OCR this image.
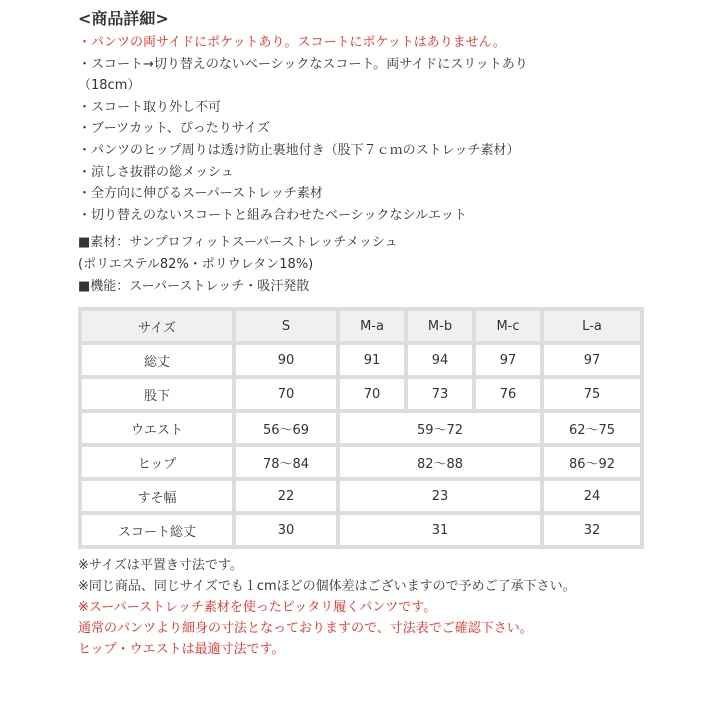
<商品詳細>
・パンツの両サイドにポケットあり。スコートにポケットはありません。
・スコート→切り替えのないベーシックなスコート。両サイドにスリットあり
（18cm）
・スコート取り外し不可
・ブーツカット、ぴったりサイズ
・パンツのヒップ周りは透け防止裏地付き（股下７ｃｍのストレッチ素材）
・涼しさ抜群の総メッシュ
・全方向に伸びるスーパーストレッチ素材
・切り替えのないスコートと組み合わせたベーシックなシルエット
■素材：サンプロフィットスーパーストレッチメッシュ
(ポリエステル82%・ポリウレタン18%)
■機能：スーパーストレッチ・吸汗発散
サイズ	S	M-a	M-b	M-c	L-a
総丈	90	91	94	97	97
股下	70	70	73	76	75
ウエスト	56〜69	59〜72			62〜75
ヒップ	78〜84	82〜88			86〜92
すそ幅	22	23			24
スコート総丈	30	31			32
※サイズは平置き寸法です。
※同じ商品、同じサイズでも１cmほどの個体差はございますので予めご了承下さい。
※スーパーストレッチ素材を使ったピッタリ履くパンツです。
通常のパンツより細身の寸法となっておりますので、寸法表でご確認下さい。
ヒップ・ウエストは最適寸法です。
